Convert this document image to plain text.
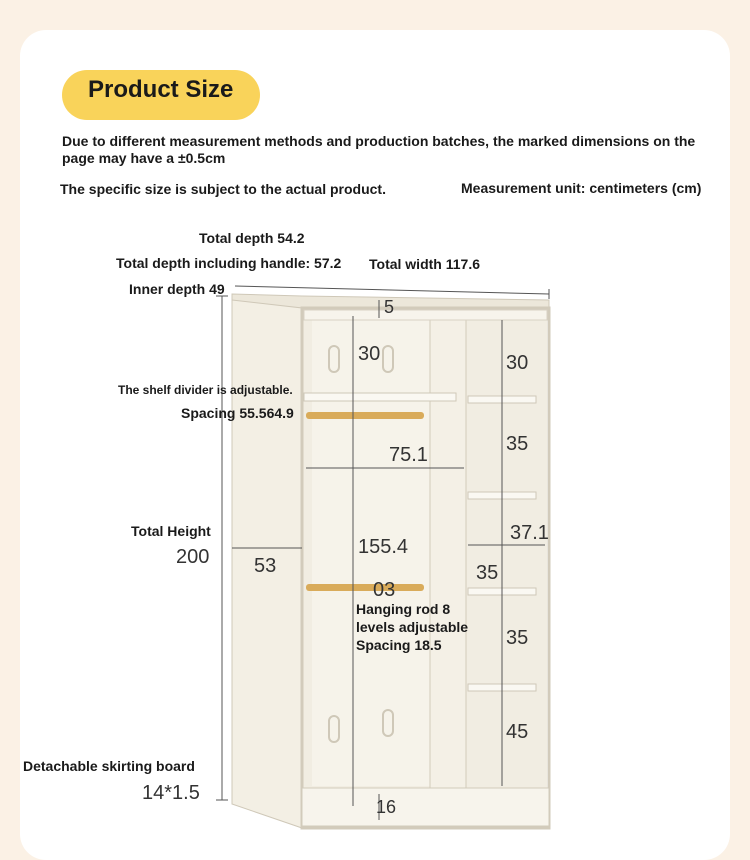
Product Size
Due to different measurement methods and production batches, the marked dimensions on the page may have a ±0.5cm
The specific size is subject to the actual product.	Measurement unit: centimeters (cm)
Total depth 54.2
Total depth including handle: 57.2 Total width 117.6
Inner depth 49
The shelf divider is adjustable.
Spacing 55.564.9
Total Height
200
Detachable skirting board
14*1.5
5
30	30
35
75.1
37.1
155.4
53	35
03
35
45
16
Hanging rod 8 levels adjustable Spacing 18.5
